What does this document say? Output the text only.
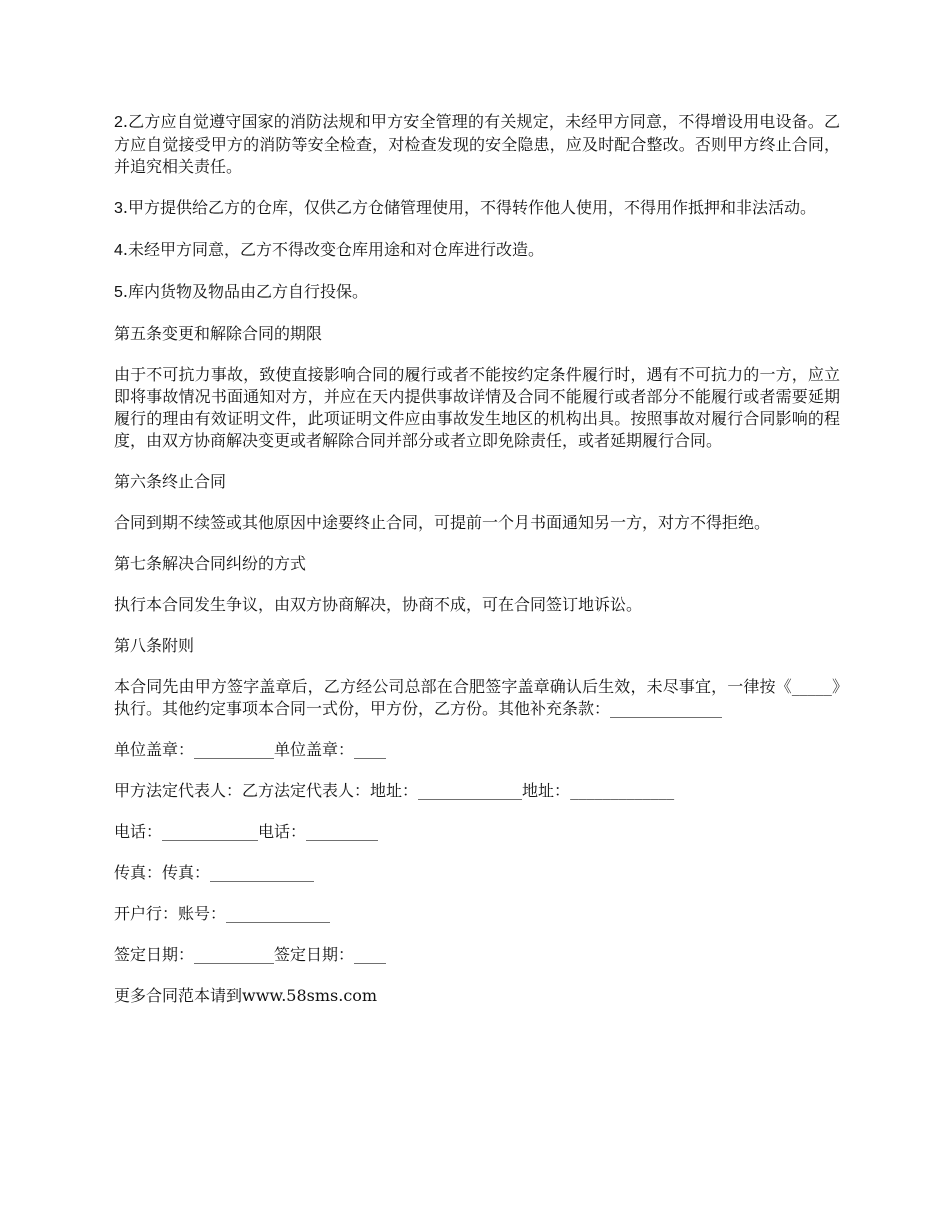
2.乙方应自觉遵守国家的消防法规和甲方安全管理的有关规定，未经甲方同意，不得增设用电设备。乙方应自觉接受甲方的消防等安全检查，对检查发现的安全隐患，应及时配合整改。否则甲方终止合同，并追究相关责任。

3.甲方提供给乙方的仓库，仅供乙方仓储管理使用，不得转作他人使用，不得用作抵押和非法活动。

4.未经甲方同意，乙方不得改变仓库用途和对仓库进行改造。

5.库内货物及物品由乙方自行投保。

第五条变更和解除合同的期限

由于不可抗力事故，致使直接影响合同的履行或者不能按约定条件履行时，遇有不可抗力的一方，应立即将事故情况书面通知对方，并应在天内提供事故详情及合同不能履行或者部分不能履行或者需要延期履行的理由有效证明文件，此项证明文件应由事故发生地区的机构出具。按照事故对履行合同影响的程度，由双方协商解决变更或者解除合同并部分或者立即免除责任，或者延期履行合同。

第六条终止合同

合同到期不续签或其他原因中途要终止合同，可提前一个月书面通知另一方，对方不得拒绝。

第七条解决合同纠纷的方式

执行本合同发生争议，由双方协商解决，协商不成，可在合同签订地诉讼。

第八条附则

本合同先由甲方签字盖章后，乙方经公司总部在合肥签字盖章确认后生效，未尽事宜，一律按《_____》执行。其他约定事项本合同一式份，甲方份，乙方份。其他补充条款：______________

单位盖章：__________单位盖章：____

甲方法定代表人：乙方法定代表人：地址：_____________地址：_____________

电话：____________电话：_________

传真：传真：_____________

开户行：账号：_____________

签定日期：__________签定日期：____

更多合同范本请到www.58sms.com
